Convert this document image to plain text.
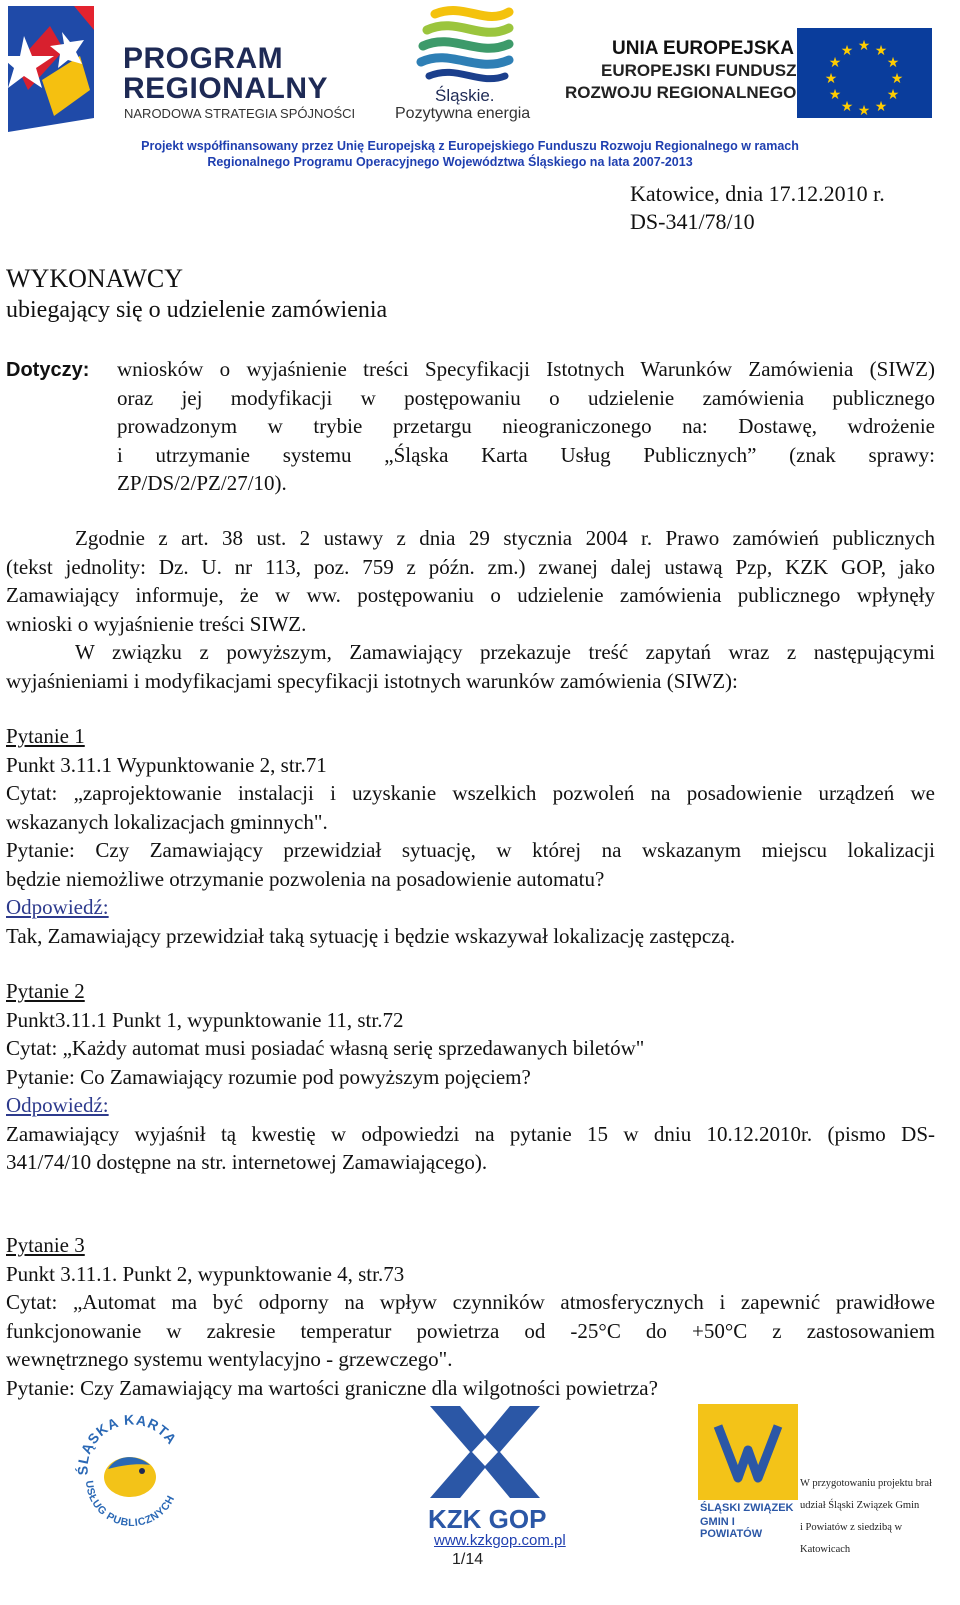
PROGRAM
REGIONALNY
NARODOWA STRATEGIA SPÓJNOŚCI
Śląskie.
Pozytywna energia
UNIA EUROPEJSKA
EUROPEJSKI FUNDUSZ
ROZWOJU REGIONALNEGO
★ ★
★
★
★
★
★
★
★
★
★
★
Projekt współfinansowany przez Unię Europejską z Europejskiego Funduszu Rozwoju Regionalnego w ramach
Regionalnego Programu Operacyjnego Województwa Śląskiego na lata 2007-2013
Katowice, dnia 17.12.2010 r.
DS-341/78/10
WYKONAWCY
ubiegający się o udzielenie zamówienia
Dotyczy: wniosków o wyjaśnienie treści Specyfikacji Istotnych Warunków Zamówienia (SIWZ)
oraz jej modyfikacji w postępowaniu o udzielenie zamówienia publicznego
prowadzonym w trybie przetargu nieograniczonego na: Dostawę, wdrożenie
i utrzymanie systemu „Śląska Karta Usług Publicznych” (znak sprawy:
ZP/DS/2/PZ/27/10).
Zgodnie z art. 38 ust. 2 ustawy z dnia 29 stycznia 2004 r. Prawo zamówień publicznych
(tekst jednolity: Dz. U. nr 113, poz. 759 z późn. zm.) zwanej dalej ustawą Pzp, KZK GOP, jako
Zamawiający informuje, że w ww. postępowaniu o udzielenie zamówienia publicznego wpłynęły
wnioski o wyjaśnienie treści SIWZ.
W związku z powyższym, Zamawiający przekazuje treść zapytań wraz z następującymi
wyjaśnieniami i modyfikacjami specyfikacji istotnych warunków zamówienia (SIWZ):
Pytanie 1
Punkt 3.11.1 Wypunktowanie 2, str.71
Cytat: „zaprojektowanie instalacji i uzyskanie wszelkich pozwoleń na posadowienie urządzeń we
wskazanych lokalizacjach gminnych".
Pytanie: Czy Zamawiający przewidział sytuację, w której na wskazanym miejscu lokalizacji
będzie niemożliwe otrzymanie pozwolenia na posadowienie automatu?
Odpowiedź:
Tak, Zamawiający przewidział taką sytuację i będzie wskazywał lokalizację zastępczą.
Pytanie 2
Punkt3.11.1 Punkt 1, wypunktowanie 11, str.72
Cytat: „Każdy automat musi posiadać własną serię sprzedawanych biletów"
Pytanie: Co Zamawiający rozumie pod powyższym pojęciem?
Odpowiedź:
Zamawiający wyjaśnił tą kwestię w odpowiedzi na pytanie 15 w dniu 10.12.2010r. (pismo DS-
341/74/10 dostępne na str. internetowej Zamawiającego).
Pytanie 3
Punkt 3.11.1. Punkt 2, wypunktowanie 4, str.73
Cytat: „Automat ma być odporny na wpływ czynników atmosferycznych i zapewnić prawidłowe
funkcjonowanie w zakresie temperatur powietrza od -25°C do +50°C z zastosowaniem
wewnętrznego systemu wentylacyjno - grzewczego".
Pytanie: Czy Zamawiający ma wartości graniczne dla wilgotności powietrza?
ŚLĄSKA KARTA
USŁUG PUBLICZNYCH
KZK GOP
www.kzkgop.com.pl
1/14
ŚLĄSKI ZWIĄZEK
GMIN I POWIATÓW
W przygotowaniu projektu brał
udział Śląski Związek Gmin
i Powiatów z siedzibą w Katowicach
